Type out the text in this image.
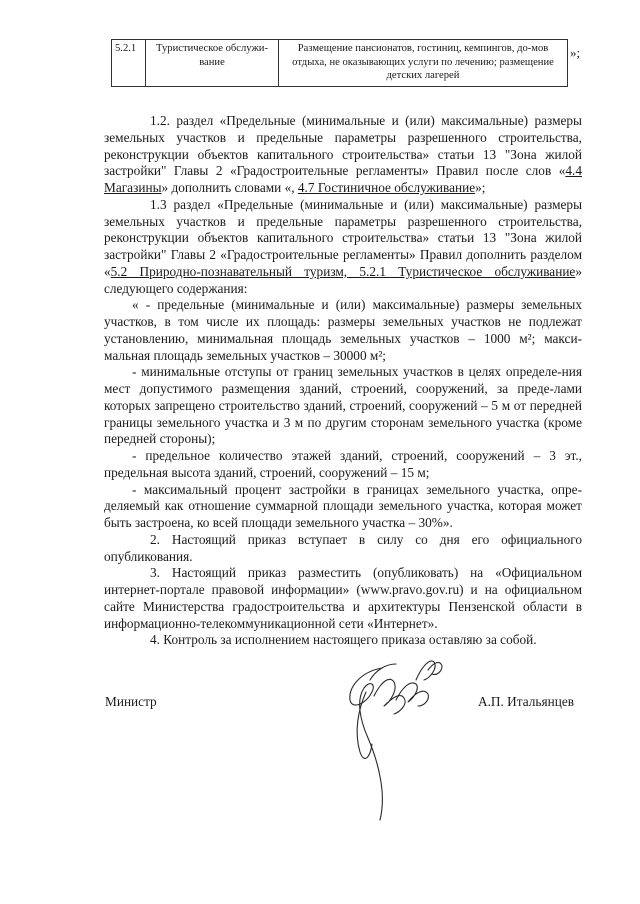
5.2.1	Туристическое обслужи-вание	Размещение пансионатов, гостиниц, кемпингов, до-мов отдыха, не оказывающих услуги по лечению; размещение детских лагерей
»;

1.2. раздел «Предельные (минимальные и (или) максимальные) размеры земельных участков и предельные параметры разрешенного строительства, реконструкции объектов капитального строительства» статьи 13 "Зона жилой застройки" Главы 2 «Градостроительные регламенты» Правил после слов «4.4 Магазины» дополнить словами «, 4.7 Гостиничное обслуживание»;

1.3 раздел «Предельные (минимальные и (или) максимальные) размеры земельных участков и предельные параметры разрешенного строительства, реконструкции объектов капитального строительства» статьи 13 "Зона жилой застройки" Главы 2 «Градостроительные регламенты» Правил дополнить разделом «5.2 Природно-познавательный туризм, 5.2.1 Туристическое обслуживание» следующего содержания:

« - предельные (минимальные и (или) максимальные) размеры земельных участков, в том числе их площадь: размеры земельных участков не подлежат установлению, минимальная площадь земельных участков – 1000 м²; макси-мальная площадь земельных участков – 30000 м²;

- минимальные отступы от границ земельных участков в целях определе-ния мест допустимого размещения зданий, строений, сооружений, за преде-лами которых запрещено строительство зданий, строений, сооружений – 5 м от передней границы земельного участка и 3 м по другим сторонам земельного участка (кроме передней стороны);

- предельное количество этажей зданий, строений, сооружений – 3 эт., предельная высота зданий, строений, сооружений – 15 м;

- максимальный процент застройки в границах земельного участка, опре-деляемый как отношение суммарной площади земельного участка, которая может быть застроена, ко всей площади земельного участка – 30%».

2. Настоящий приказ вступает в силу со дня его официального опубликования.

3. Настоящий приказ разместить (опубликовать) на «Официальном интернет-портале правовой информации» (www.pravo.gov.ru) и на официальном сайте Министерства градостроительства и архитектуры Пензенской области в информационно-телекоммуникационной сети «Интернет».

4. Контроль за исполнением настоящего приказа оставляю за собой.

Министр	А.П. Итальянцев
